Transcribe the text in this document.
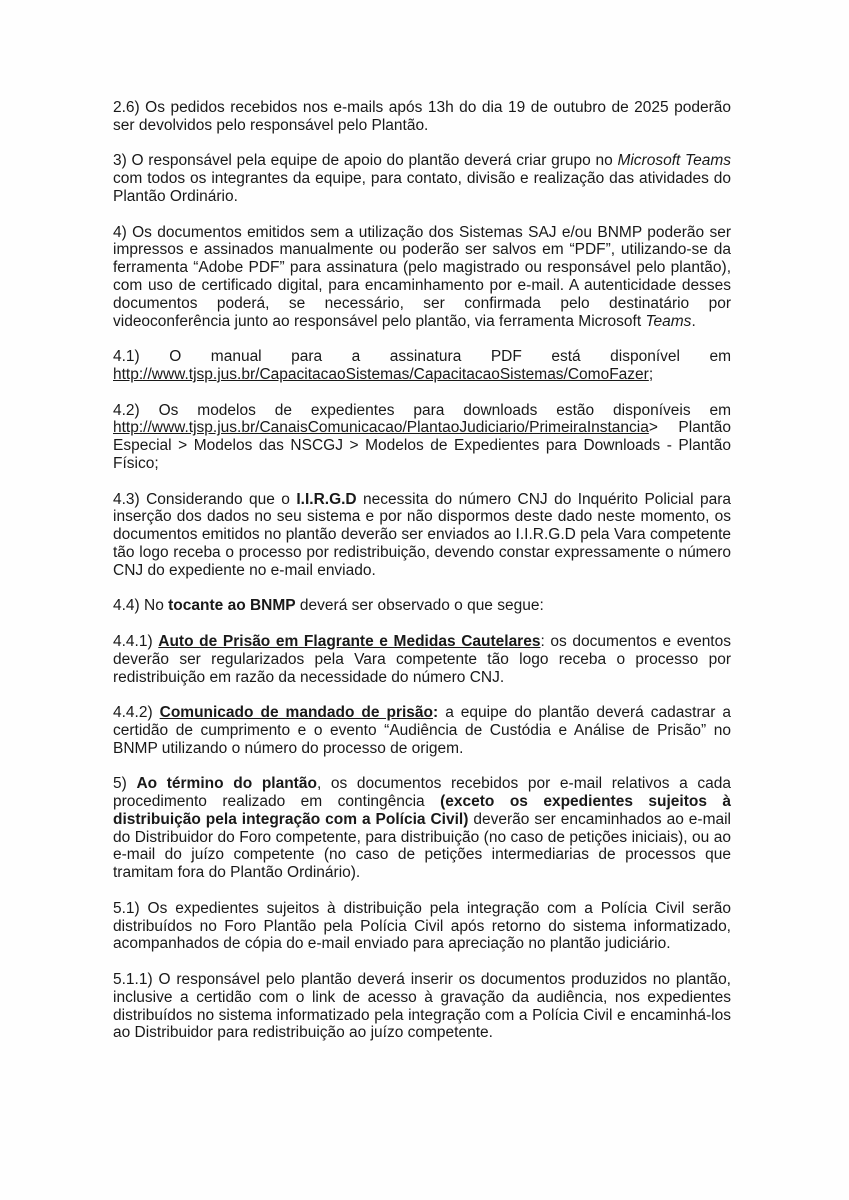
2.6) Os pedidos recebidos nos e-mails após 13h do dia 19 de outubro de 2025 poderão ser devolvidos pelo responsável pelo Plantão.

3) O responsável pela equipe de apoio do plantão deverá criar grupo no Microsoft Teams com todos os integrantes da equipe, para contato, divisão e realização das atividades do Plantão Ordinário.

4) Os documentos emitidos sem a utilização dos Sistemas SAJ e/ou BNMP poderão ser impressos e assinados manualmente ou poderão ser salvos em “PDF”, utilizando-se da ferramenta “Adobe PDF” para assinatura (pelo magistrado ou responsável pelo plantão), com uso de certificado digital, para encaminhamento por e-mail. A autenticidade desses documentos poderá, se necessário, ser confirmada pelo destinatário por videoconferência junto ao responsável pelo plantão, via ferramenta Microsoft Teams.

4.1) O manual para a assinatura PDF está disponível em http://www.tjsp.jus.br/CapacitacaoSistemas/CapacitacaoSistemas/ComoFazer;

4.2) Os modelos de expedientes para downloads estão disponíveis em http://www.tjsp.jus.br/CanaisComunicacao/PlantaoJudiciario/PrimeiraInstancia> Plantão Especial > Modelos das NSCGJ > Modelos de Expedientes para Downloads - Plantão Físico;

4.3) Considerando que o I.I.R.G.D necessita do número CNJ do Inquérito Policial para inserção dos dados no seu sistema e por não dispormos deste dado neste momento, os documentos emitidos no plantão deverão ser enviados ao I.I.R.G.D pela Vara competente tão logo receba o processo por redistribuição, devendo constar expressamente o número CNJ do expediente no e-mail enviado.

4.4) No tocante ao BNMP deverá ser observado o que segue:

4.4.1) Auto de Prisão em Flagrante e Medidas Cautelares: os documentos e eventos deverão ser regularizados pela Vara competente tão logo receba o processo por redistribuição em razão da necessidade do número CNJ.

4.4.2) Comunicado de mandado de prisão: a equipe do plantão deverá cadastrar a certidão de cumprimento e o evento “Audiência de Custódia e Análise de Prisão” no BNMP utilizando o número do processo de origem.

5) Ao término do plantão, os documentos recebidos por e-mail relativos a cada procedimento realizado em contingência (exceto os expedientes sujeitos à distribuição pela integração com a Polícia Civil) deverão ser encaminhados ao e-mail do Distribuidor do Foro competente, para distribuição (no caso de petições iniciais), ou ao e-mail do juízo competente (no caso de petições intermediarias de processos que tramitam fora do Plantão Ordinário).

5.1) Os expedientes sujeitos à distribuição pela integração com a Polícia Civil serão distribuídos no Foro Plantão pela Polícia Civil após retorno do sistema informatizado, acompanhados de cópia do e-mail enviado para apreciação no plantão judiciário.

5.1.1) O responsável pelo plantão deverá inserir os documentos produzidos no plantão, inclusive a certidão com o link de acesso à gravação da audiência, nos expedientes distribuídos no sistema informatizado pela integração com a Polícia Civil e encaminhá-los ao Distribuidor para redistribuição ao juízo competente.
